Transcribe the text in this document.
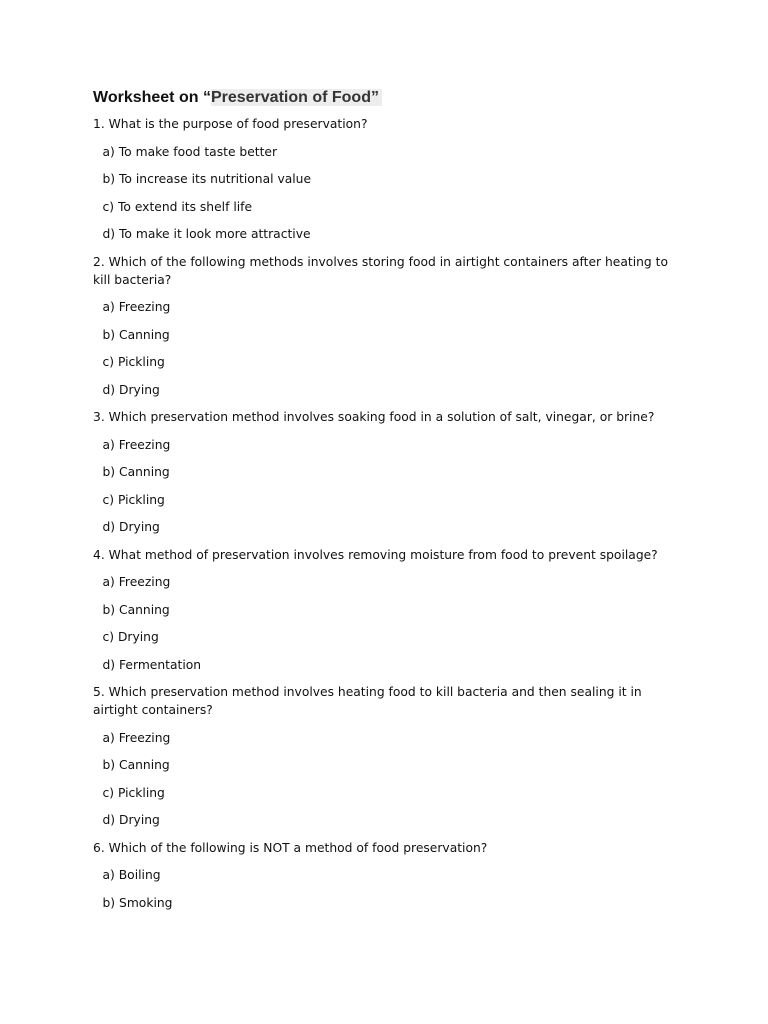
Worksheet on “Preservation of Food”
1. What is the purpose of food preservation?
a) To make food taste better
b) To increase its nutritional value
c) To extend its shelf life
d) To make it look more attractive
2. Which of the following methods involves storing food in airtight containers after heating to kill bacteria?
a) Freezing
b) Canning
c) Pickling
d) Drying
3. Which preservation method involves soaking food in a solution of salt, vinegar, or brine?
a) Freezing
b) Canning
c) Pickling
d) Drying
4. What method of preservation involves removing moisture from food to prevent spoilage?
a) Freezing
b) Canning
c) Drying
d) Fermentation
5. Which preservation method involves heating food to kill bacteria and then sealing it in airtight containers?
a) Freezing
b) Canning
c) Pickling
d) Drying
6. Which of the following is NOT a method of food preservation?
a) Boiling
b) Smoking
